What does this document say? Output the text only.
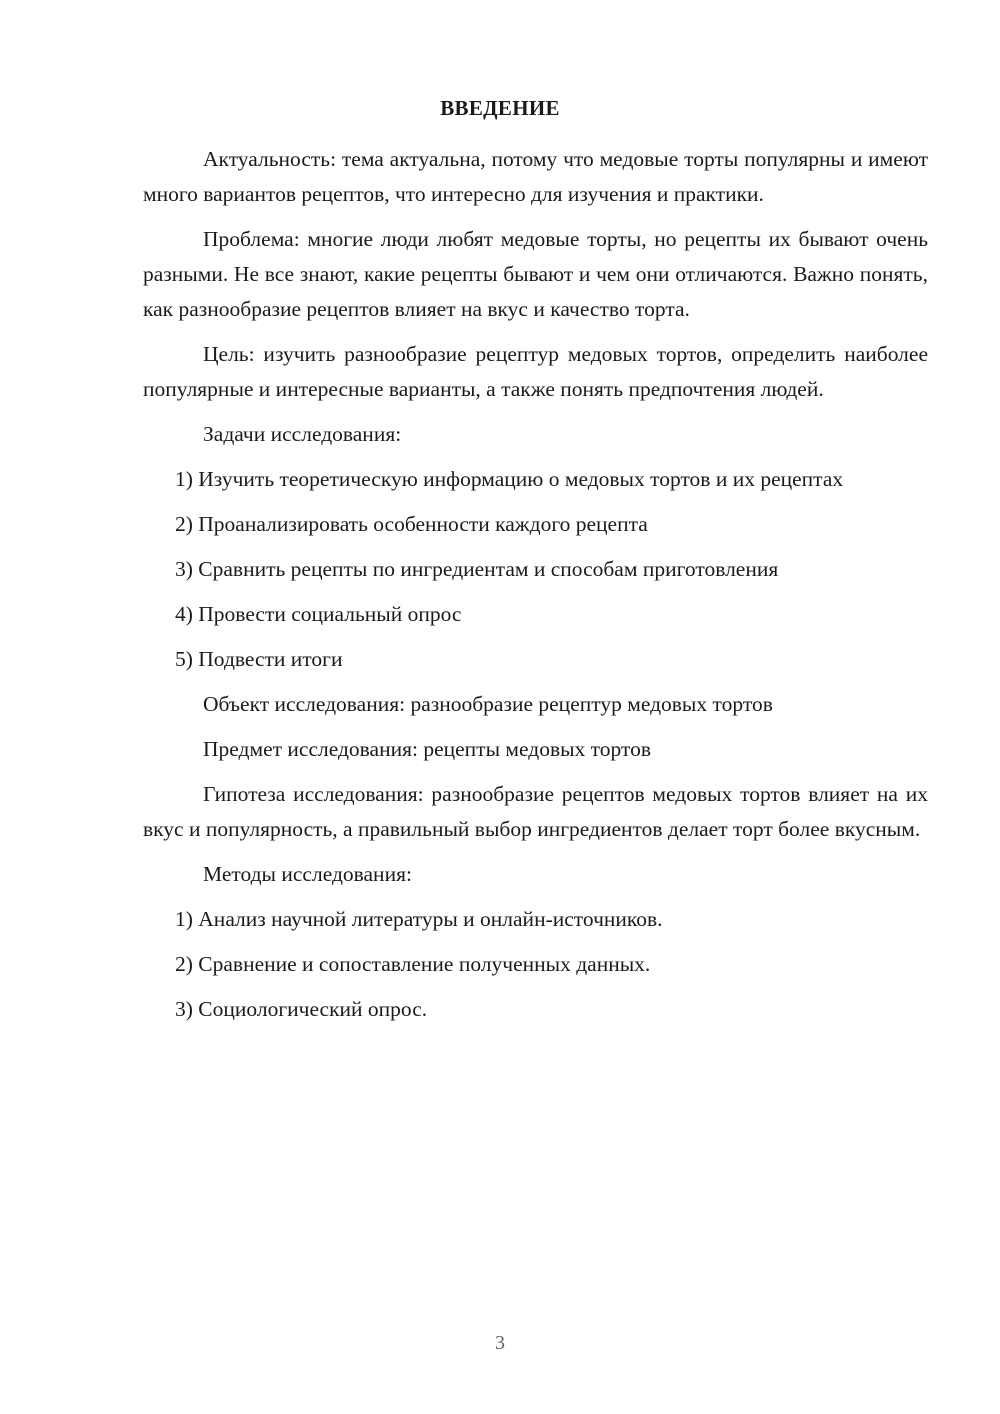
ВВЕДЕНИЕ

Актуальность: тема актуальна, потому что медовые торты популярны и имеют много вариантов рецептов, что интересно для изучения и практики.

Проблема: многие люди любят медовые торты, но рецепты их бывают очень разными. Не все знают, какие рецепты бывают и чем они отличаются. Важно понять, как разнообразие рецептов влияет на вкус и качество торта.

Цель: изучить разнообразие рецептур медовых тортов, определить наиболее популярные и интересные варианты, а также понять предпочтения людей.

Задачи исследования:

1) Изучить теоретическую информацию о медовых тортов и их рецептах

2) Проанализировать особенности каждого рецепта

3) Сравнить рецепты по ингредиентам и способам приготовления

4) Провести социальный опрос

5) Подвести итоги

Объект исследования: разнообразие рецептур медовых тортов

Предмет исследования: рецепты медовых тортов

Гипотеза исследования: разнообразие рецептов медовых тортов влияет на их вкус и популярность, а правильный выбор ингредиентов делает торт более вкусным.

Методы исследования:

1) Анализ научной литературы и онлайн-источников.

2) Сравнение и сопоставление полученных данных.

3) Социологический опрос.

3
